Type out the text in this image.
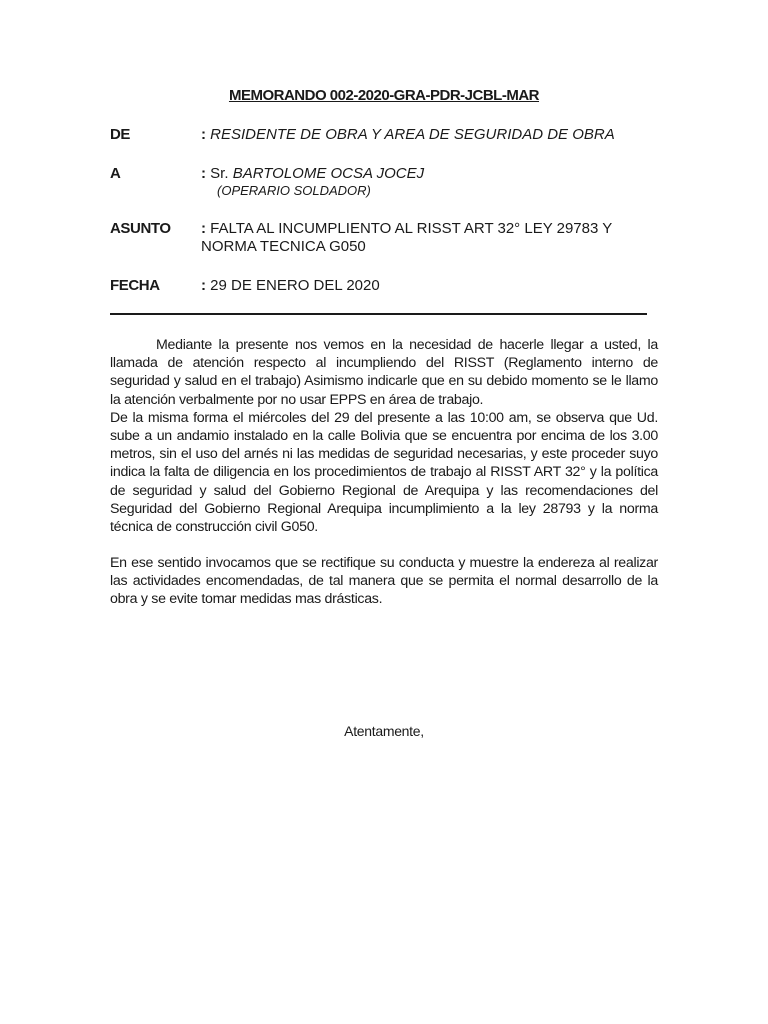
MEMORANDO 002-2020-GRA-PDR-JCBL-MAR
DE	: RESIDENTE DE OBRA Y AREA DE SEGURIDAD DE OBRA
A	: Sr. BARTOLOME OCSA JOCEJ
(OPERARIO SOLDADOR)
ASUNTO : FALTA AL INCUMPLIENTO AL RISST ART 32° LEY 29783 Y NORMA TECNICA G050
FECHA	: 29 DE ENERO DEL 2020

Mediante la presente nos vemos en la necesidad de hacerle llegar a usted, la llamada de atención respecto al incumpliendo del RISST (Reglamento interno de seguridad y salud en el trabajo) Asimismo indicarle que en su debido momento se le llamo la atención verbalmente por no usar EPPS en área de trabajo.

De la misma forma el miércoles del 29 del presente a las 10:00 am, se observa que Ud. sube a un andamio instalado en la calle Bolivia que se encuentra por encima de los 3.00 metros, sin el uso del arnés ni las medidas de seguridad necesarias, y este proceder suyo indica la falta de diligencia en los procedimientos de trabajo al RISST ART 32° y la política de seguridad y salud del Gobierno Regional de Arequipa y las recomendaciones del Seguridad del Gobierno Regional Arequipa incumplimiento a la ley 28793 y la norma técnica de construcción civil G050.

En ese sentido invocamos que se rectifique su conducta y muestre la endereza al realizar las actividades encomendadas, de tal manera que se permita el normal desarrollo de la obra y se evite tomar medidas mas drásticas.

Atentamente,
